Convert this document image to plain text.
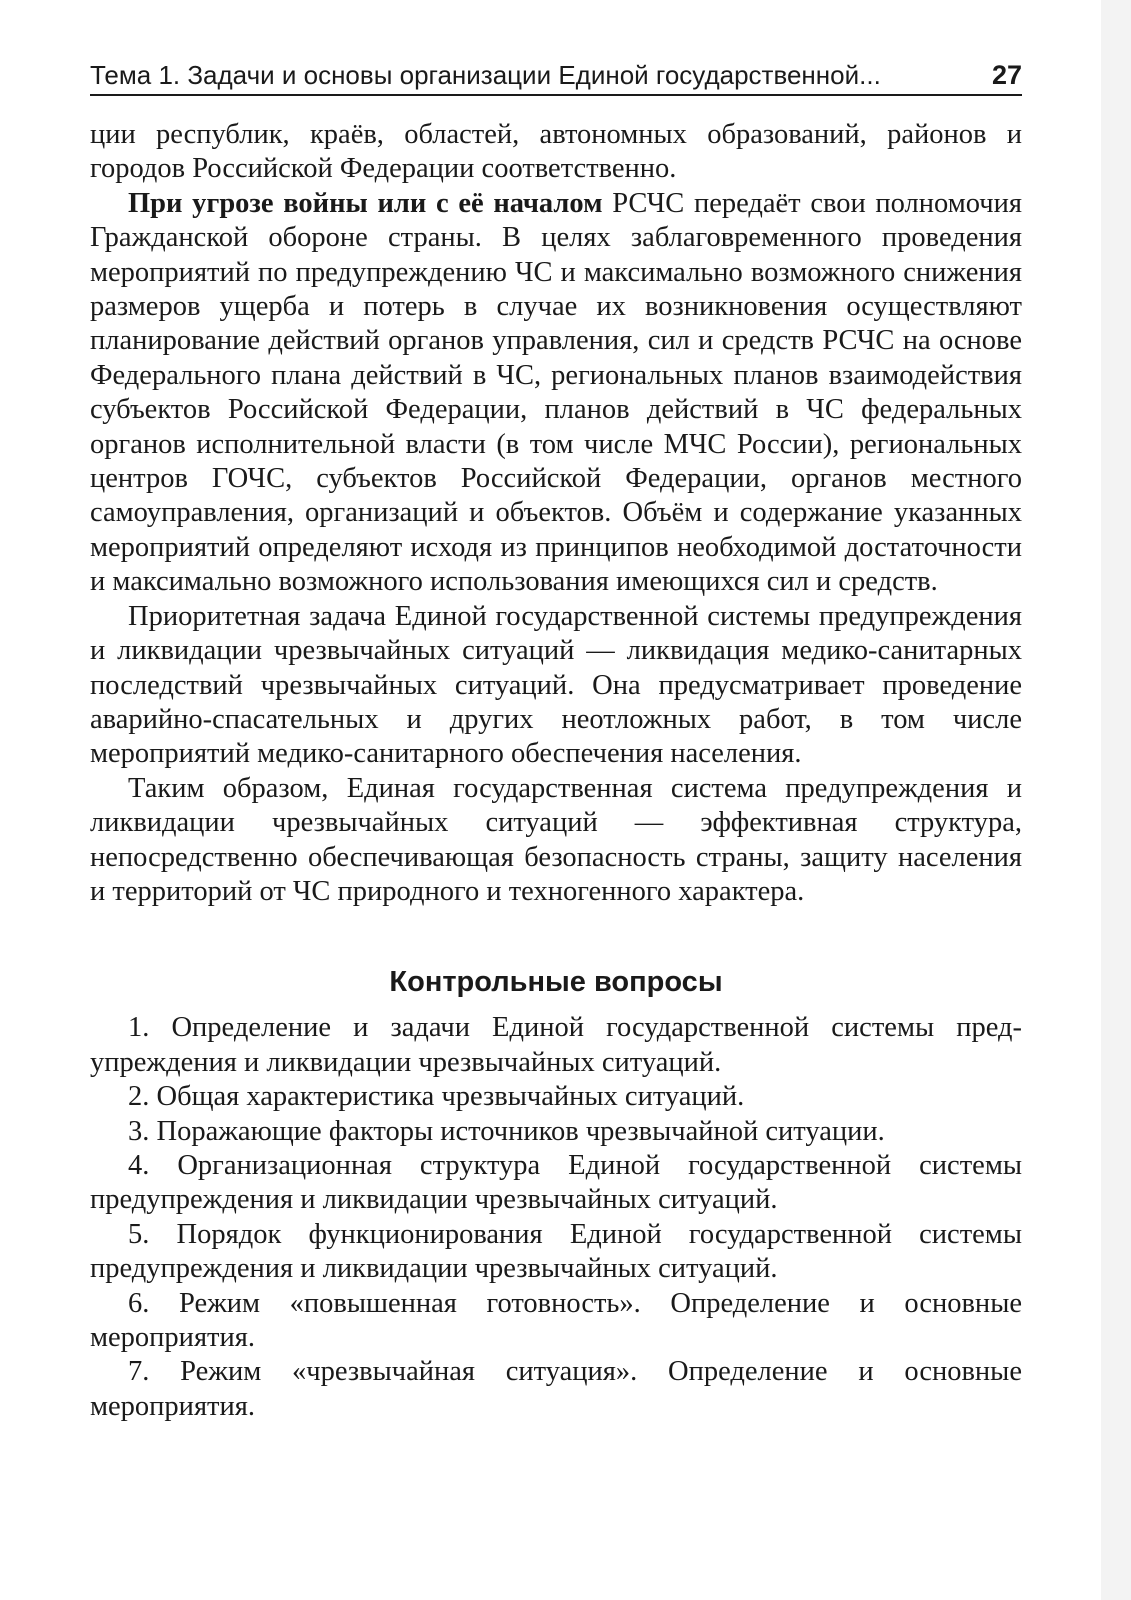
Тема 1. Задачи и основы организации Единой государственной...	27

ции республик, краёв, областей, автономных образований, районов и городов Российской Федерации соответственно.

При угрозе войны или с её началом РСЧС передаёт свои полномочия Гражданской обороне страны. В целях заблаговременного проведения мероприятий по предупреждению ЧС и максимально возможного снижения размеров ущерба и потерь в случае их возникновения осуществляют планирование действий органов управления, сил и средств РСЧС на основе Федерального плана действий в ЧС, региональных планов взаимодействия субъектов Российской Федерации, планов действий в ЧС федеральных органов исполнительной власти (в том числе МЧС России), региональных центров ГОЧС, субъектов Российской Федерации, органов местного самоуправления, организаций и объектов. Объём и содержание указанных мероприятий определяют исходя из принципов необходимой достаточности и максимально возможного использования имеющихся сил и средств.

Приоритетная задача Единой государственной системы предупреждения и ликвидации чрезвычайных ситуаций — ликвидация медико-санитарных последствий чрезвычайных ситуаций. Она предусматривает проведение аварийно-спасательных и других неотложных работ, в том числе мероприятий медико-санитарного обеспечения населения.

Таким образом, Единая государственная система предупреждения и ликвидации чрезвычайных ситуаций — эффективная структура, непосредственно обеспечивающая безопасность страны, защиту населения и территорий от ЧС природного и техногенного характера.

Контрольные вопросы
1. Определение и задачи Единой государственной системы предупреждения и ликвидации чрезвычайных ситуаций.
2. Общая характеристика чрезвычайных ситуаций.
3. Поражающие факторы источников чрезвычайной ситуации.
4. Организационная структура Единой государственной системы предупреждения и ликвидации чрезвычайных ситуаций.
5. Порядок функционирования Единой государственной системы предупреждения и ликвидации чрезвычайных ситуаций.
6. Режим «повышенная готовность». Определение и основные мероприятия.
7. Режим «чрезвычайная ситуация». Определение и основные мероприятия.
